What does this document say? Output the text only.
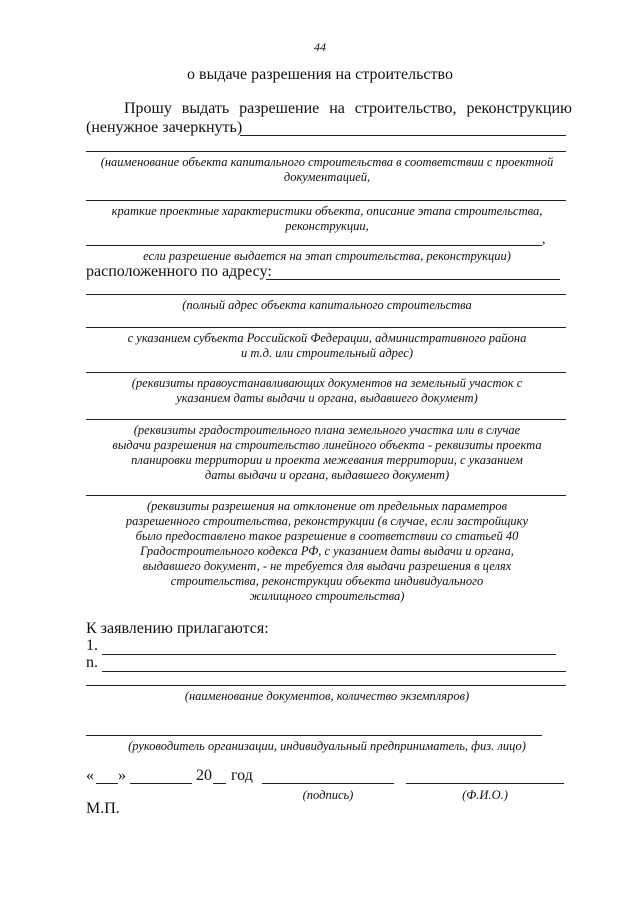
44
о выдаче разрешения на строительство
Прошу выдать разрешение на строительство, реконструкцию
(ненужное зачеркнуть)
(наименование объекта капитального строительства в соответствии с проектной
документацией,
краткие проектные характеристики объекта, описание этапа строительства,
реконструкции,
,
если разрешение выдается на этап строительства, реконструкции)
расположенного по адресу:
(полный адрес объекта капитального строительства
с указанием субъекта Российской Федерации, административного района
и т.д. или строительный адрес)
(реквизиты правоустанавливающих документов на земельный участок с
указанием даты выдачи и органа, выдавшего документ)
(реквизиты градостроительного плана земельного участка или в случае
выдачи разрешения на строительство линейного объекта - реквизиты проекта
планировки территории и проекта межевания территории, с указанием
даты выдачи и органа, выдавшего документ)
(реквизиты разрешения на отклонение от предельных параметров
разрешенного строительства, реконструкции (в случае, если застройщику
было предоставлено такое разрешение в соответствии со статьей 40
Градостроительного кодекса РФ, с указанием даты выдачи и органа,
выдавшего документ, - не требуется для выдачи разрешения в целях
строительства, реконструкции объекта индивидуального
жилищного строительства)
К заявлению прилагаются:
1.
n.
(наименование документов, количество экземпляров)
(руководитель организации, индивидуальный предприниматель, физ. лицо)
« »	20 год
(подпись)	(Ф.И.О.)
М.П.
